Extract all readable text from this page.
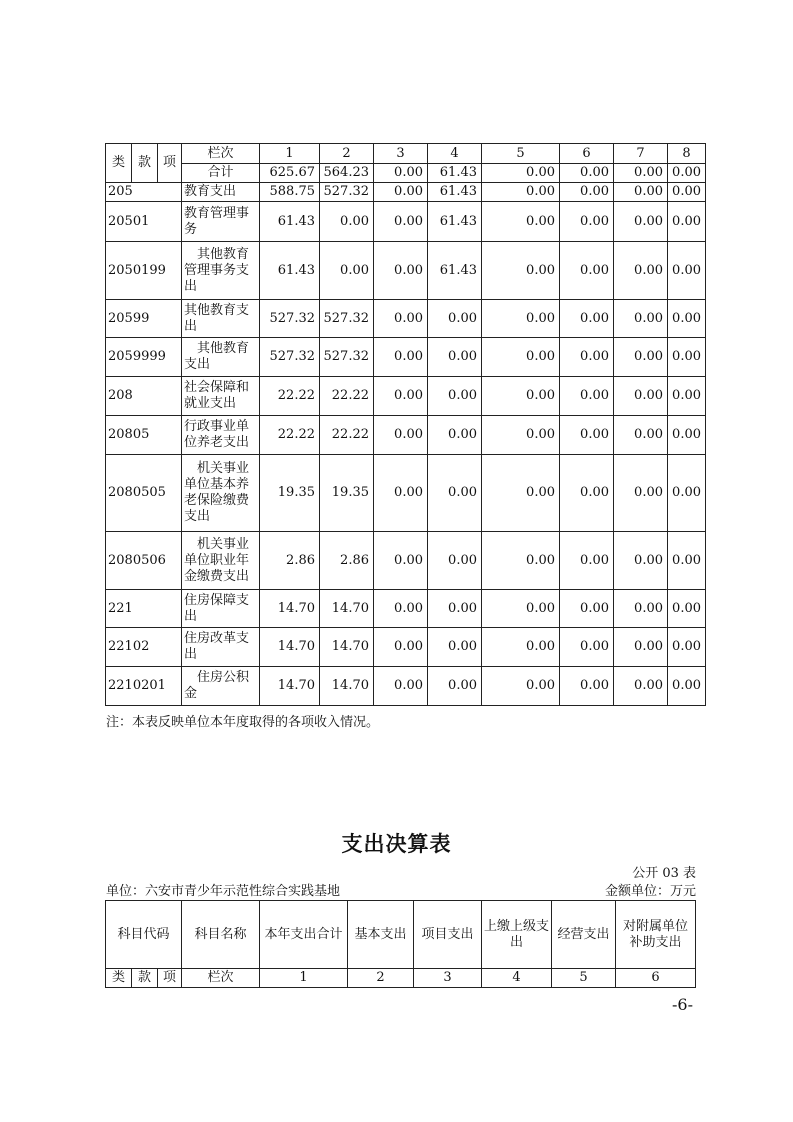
类	款	项	栏次	1	2	3	4	5	6	7	8
			合计	625.67	564.23	0.00	61.43	0.00	0.00	0.00	0.00
205			教育支出	588.75	527.32	0.00	61.43	0.00	0.00	0.00	0.00
20501			教育管理事务	61.43	0.00	0.00	61.43	0.00	0.00	0.00	0.00
2050199			其他教育管理事务支出	61.43	0.00	0.00	61.43	0.00	0.00	0.00	0.00
20599			其他教育支出	527.32	527.32	0.00	0.00	0.00	0.00	0.00	0.00
2059999			其他教育支出	527.32	527.32	0.00	0.00	0.00	0.00	0.00	0.00
208			社会保障和就业支出	22.22	22.22	0.00	0.00	0.00	0.00	0.00	0.00
20805			行政事业单位养老支出	22.22	22.22	0.00	0.00	0.00	0.00	0.00	0.00
2080505			机关事业单位基本养老保险缴费支出	19.35	19.35	0.00	0.00	0.00	0.00	0.00	0.00
2080506			机关事业单位职业年金缴费支出	2.86	2.86	0.00	0.00	0.00	0.00	0.00	0.00
221			住房保障支出	14.70	14.70	0.00	0.00	0.00	0.00	0.00	0.00
22102			住房改革支出	14.70	14.70	0.00	0.00	0.00	0.00	0.00	0.00
2210201			住房公积金	14.70	14.70	0.00	0.00	0.00	0.00	0.00	0.00
注：本表反映单位本年度取得的各项收入情况。
支出决算表
公开 03 表
单位：六安市青少年示范性综合实践基地	金额单位：万元
科目代码			科目名称	本年支出合计	基本支出	项目支出	上缴上级支出	经营支出	对附属单位补助支出
类	款	项	栏次	1	2	3	4	5	6
-6-
